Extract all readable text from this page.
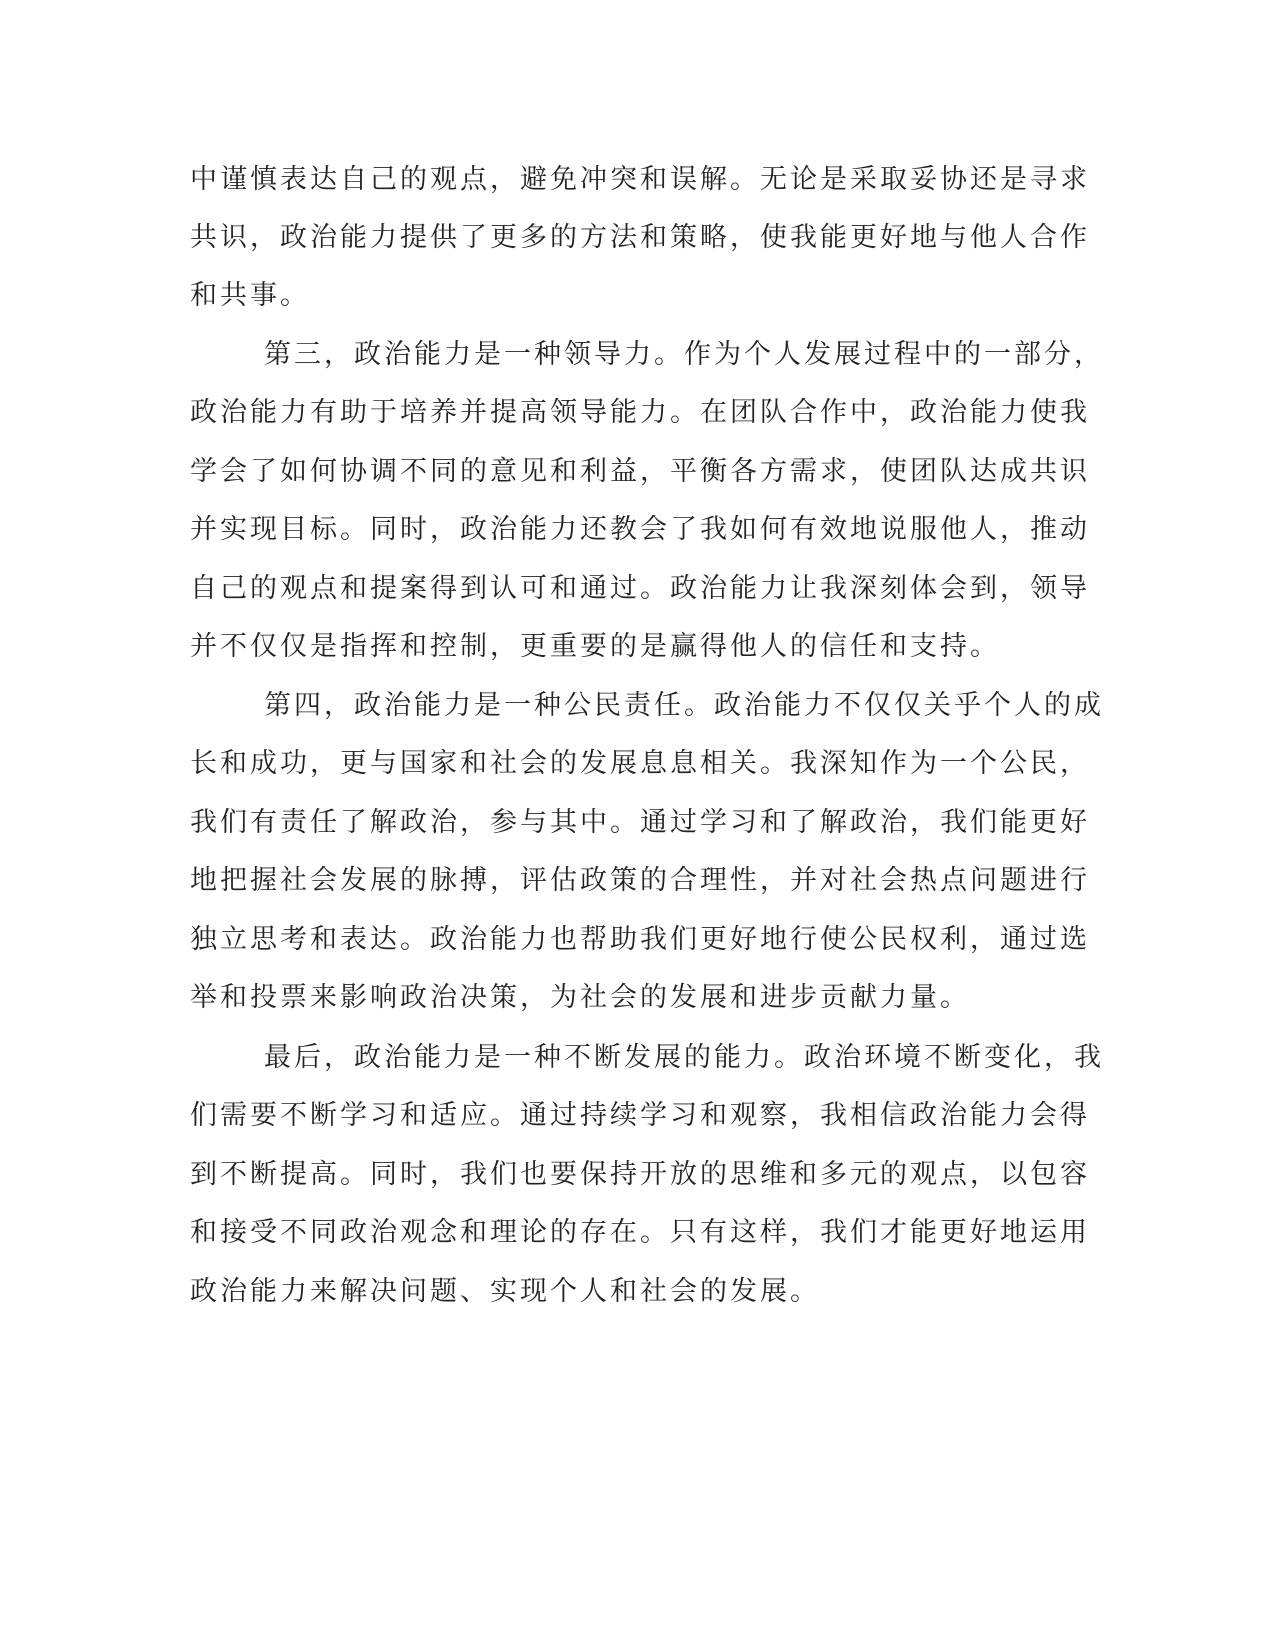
中谨慎表达自己的观点，避免冲突和误解。无论是采取妥协还是寻求

共识，政治能力提供了更多的方法和策略，使我能更好地与他人合作

和共事。

第三，政治能力是一种领导力。作为个人发展过程中的一部分，

政治能力有助于培养并提高领导能力。在团队合作中，政治能力使我

学会了如何协调不同的意见和利益，平衡各方需求，使团队达成共识

并实现目标。同时，政治能力还教会了我如何有效地说服他人，推动

自己的观点和提案得到认可和通过。政治能力让我深刻体会到，领导

并不仅仅是指挥和控制，更重要的是赢得他人的信任和支持。

第四，政治能力是一种公民责任。政治能力不仅仅关乎个人的成

长和成功，更与国家和社会的发展息息相关。我深知作为一个公民，

我们有责任了解政治，参与其中。通过学习和了解政治，我们能更好

地把握社会发展的脉搏，评估政策的合理性，并对社会热点问题进行

独立思考和表达。政治能力也帮助我们更好地行使公民权利，通过选

举和投票来影响政治决策，为社会的发展和进步贡献力量。

最后，政治能力是一种不断发展的能力。政治环境不断变化，我

们需要不断学习和适应。通过持续学习和观察，我相信政治能力会得

到不断提高。同时，我们也要保持开放的思维和多元的观点，以包容

和接受不同政治观念和理论的存在。只有这样，我们才能更好地运用

政治能力来解决问题、实现个人和社会的发展。
